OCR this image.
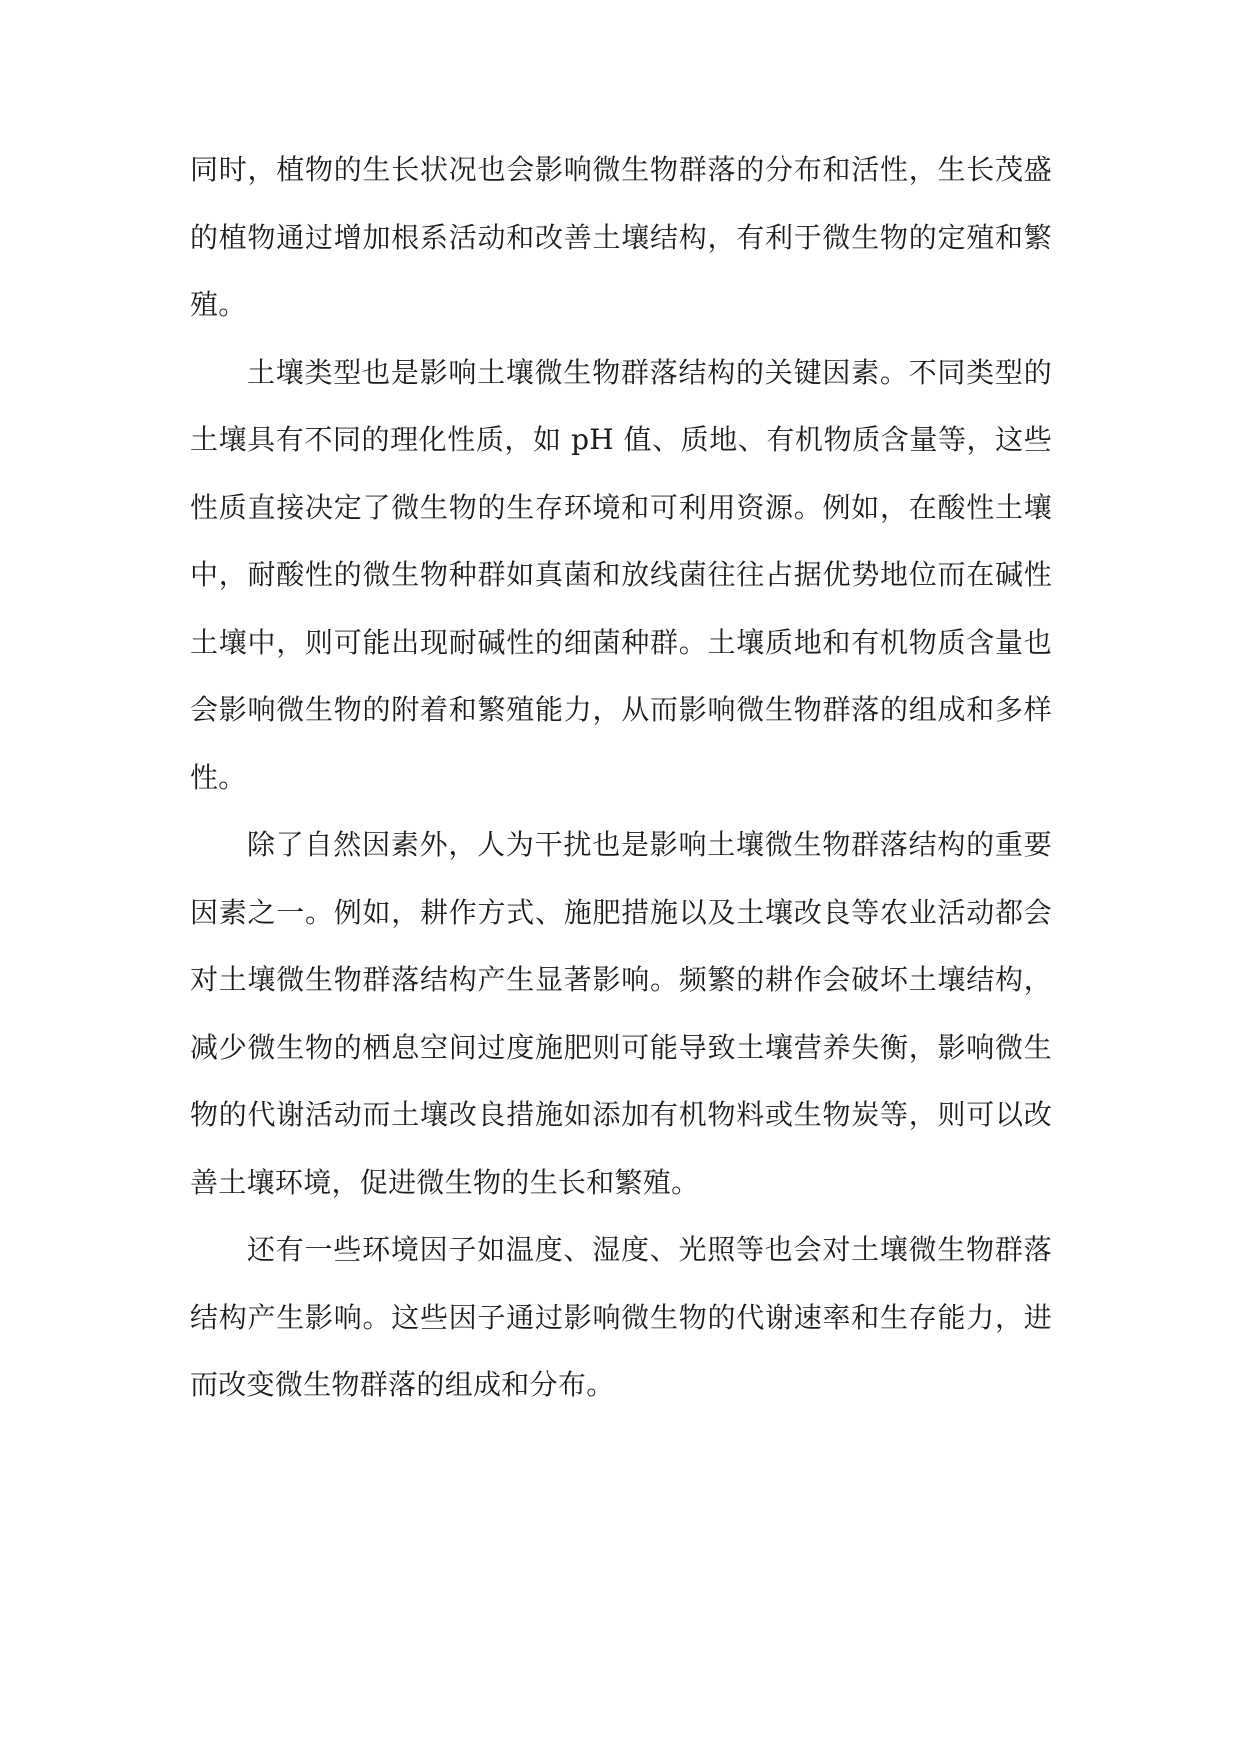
同时，植物的生长状况也会影响微生物群落的分布和活性，生长茂盛的植物通过增加根系活动和改善土壤结构，有利于微生物的定殖和繁殖。

土壤类型也是影响土壤微生物群落结构的关键因素。不同类型的土壤具有不同的理化性质，如 pH 值、质地、有机物质含量等，这些性质直接决定了微生物的生存环境和可利用资源。例如，在酸性土壤中，耐酸性的微生物种群如真菌和放线菌往往占据优势地位而在碱性土壤中，则可能出现耐碱性的细菌种群。土壤质地和有机物质含量也会影响微生物的附着和繁殖能力，从而影响微生物群落的组成和多样性。

除了自然因素外，人为干扰也是影响土壤微生物群落结构的重要因素之一。例如，耕作方式、施肥措施以及土壤改良等农业活动都会对土壤微生物群落结构产生显著影响。频繁的耕作会破坏土壤结构，减少微生物的栖息空间过度施肥则可能导致土壤营养失衡，影响微生物的代谢活动而土壤改良措施如添加有机物料或生物炭等，则可以改善土壤环境，促进微生物的生长和繁殖。

还有一些环境因子如温度、湿度、光照等也会对土壤微生物群落结构产生影响。这些因子通过影响微生物的代谢速率和生存能力，进而改变微生物群落的组成和分布。
